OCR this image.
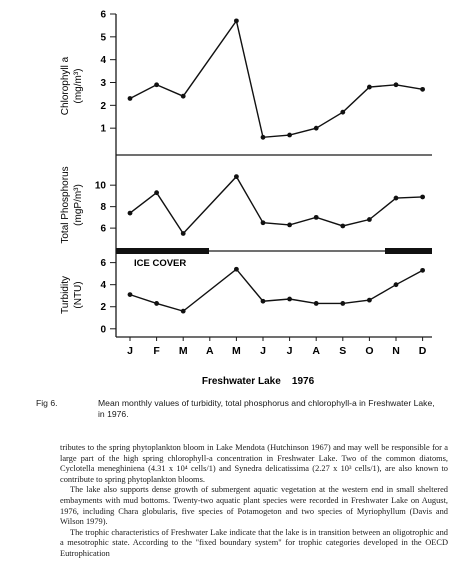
ICE COVER
Chlorophyll a (mg/m³)
Total Phosphorus (mgP/m³)
Turbidity (NTU)
Freshwater Lake    1976
1
2
3
4
5
6
6
8
10
0
2
4
6
J F M A M J J A S O N D
Fig 6.	Mean monthly values of turbidity, total phosphorus and chlorophyll-a in Freshwater Lake, in 1976.

tributes to the spring phytoplankton bloom in Lake Mendota (Hutchinson 1967) and may well be responsible for a large part of the high spring chlorophyll-a concentration in Freshwater Lake. Two of the common diatoms, Cyclotella meneghiniena (4.31 x 10⁴ cells/1) and Synedra delicatissima (2.27 x 10³ cells/1), are also known to contribute to spring phytoplankton blooms.

The lake also supports dense growth of submergent aquatic vegetation at the western end in small sheltered embayments with mud bottoms. Twenty-two aquatic plant species were recorded in Freshwater Lake on August, 1976, including Chara globularis, five species of Potamogeton and two species of Myriophyllum (Davis and Wilson 1979).

The trophic characteristics of Freshwater Lake indicate that the lake is in transition between an oligotrophic and a mesotrophic state. According to the "fixed boundary system" for trophic categories developed in the OECD Eutrophication
